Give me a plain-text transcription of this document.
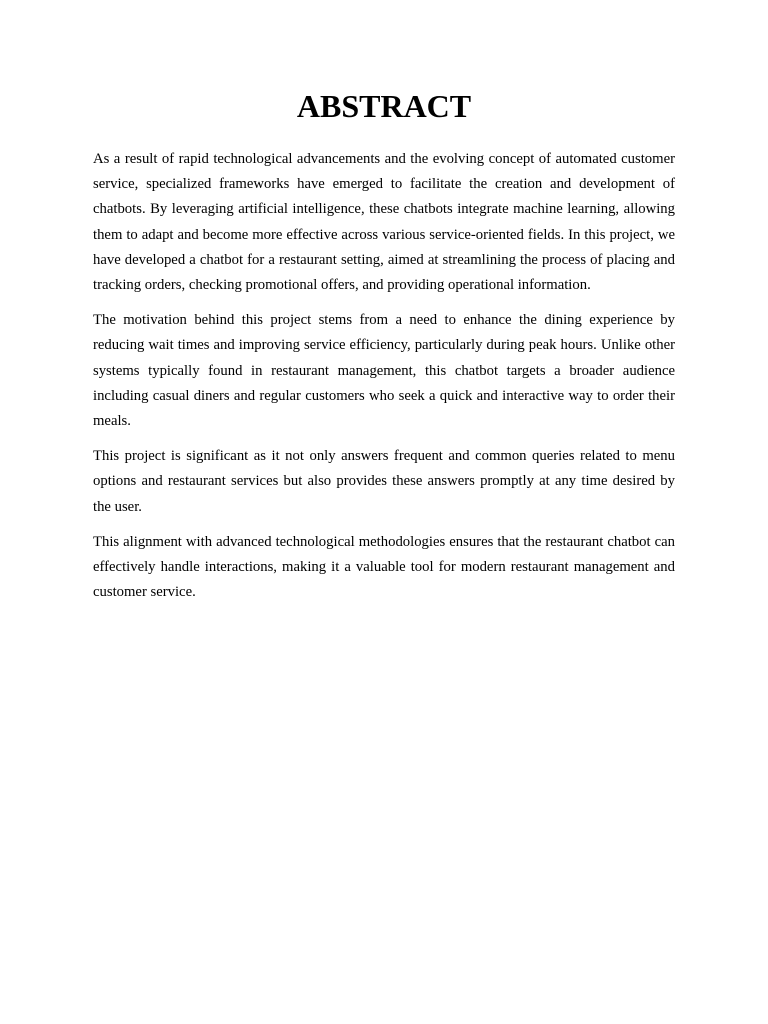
ABSTRACT

As a result of rapid technological advancements and the evolving concept of automated customer service, specialized frameworks have emerged to facilitate the creation and development of chatbots. By leveraging artificial intelligence, these chatbots integrate machine learning, allowing them to adapt and become more effective across various service-oriented fields. In this project, we have developed a chatbot for a restaurant setting, aimed at streamlining the process of placing and tracking orders, checking promotional offers, and providing operational information.

The motivation behind this project stems from a need to enhance the dining experience by reducing wait times and improving service efficiency, particularly during peak hours. Unlike other systems typically found in restaurant management, this chatbot targets a broader audience including casual diners and regular customers who seek a quick and interactive way to order their meals.

This project is significant as it not only answers frequent and common queries related to menu options and restaurant services but also provides these answers promptly at any time desired by the user.

This alignment with advanced technological methodologies ensures that the restaurant chatbot can effectively handle interactions, making it a valuable tool for modern restaurant management and customer service.
